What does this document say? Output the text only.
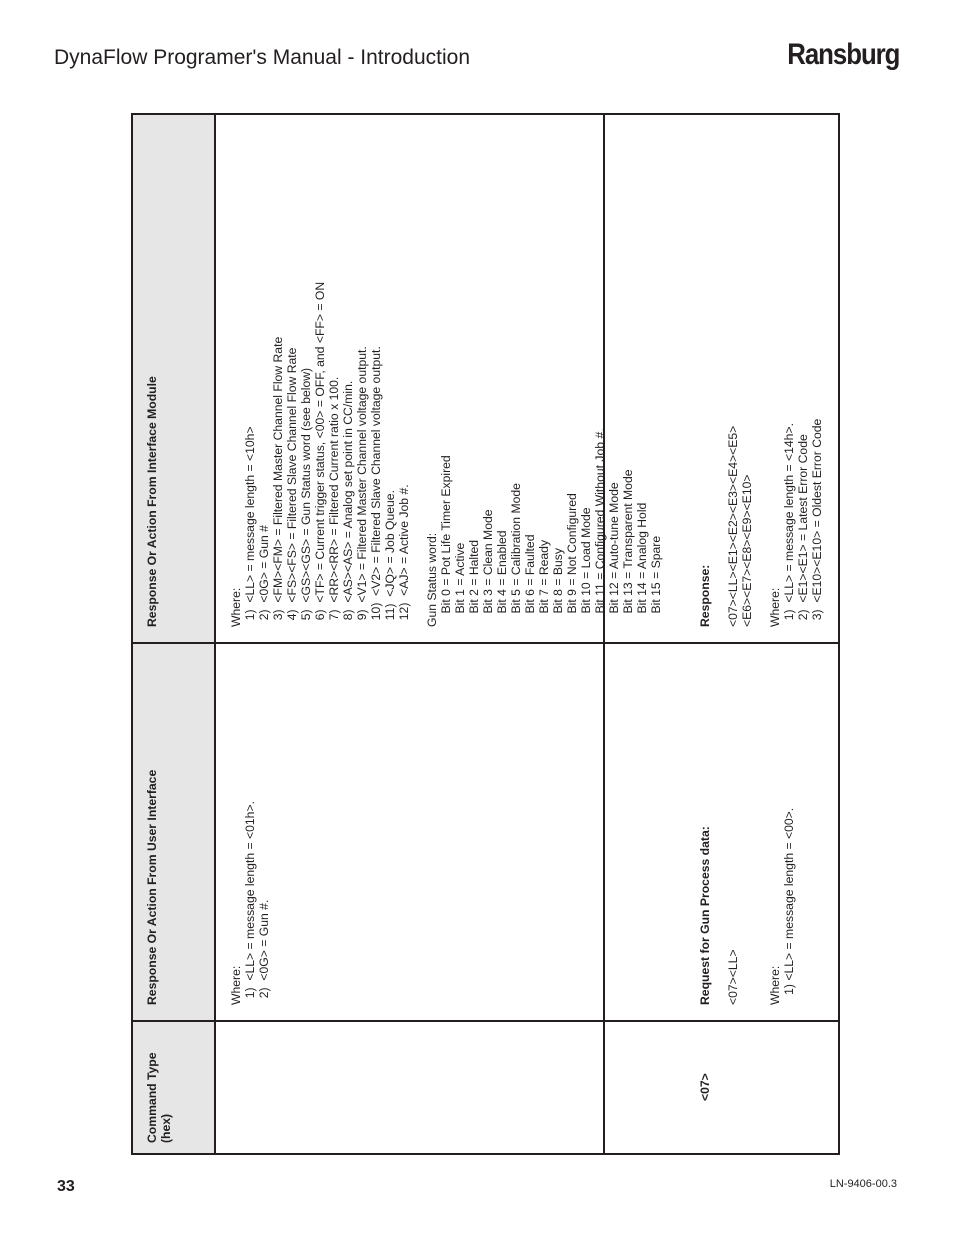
DynaFlow Programer's Manual - Introduction	Ransburg
Command Type (hex)
Response Or Action From User Interface
Response Or Action From Interface Module
Where: 1)  <LL> = message length = <01h>. 2)  <0G> = Gun #.
Where: 1)  <LL> = message length = <10h> 2)  <0G> = Gun # 3)  <FM><FM> = Filtered Master Channel Flow Rate 4)  <FS><FS> = Filtered Slave Channel Flow Rate 5)  <GS><GS> = Gun Status word (see below) 6)  <TF> = Current trigger status, <00> = OFF, and <FF> = ON 7)  <RR><RR> = Filtered Current ratio x 100. 8)  <AS><AS> = Analog set point in CC/min. 9)  <V1> = Filtered Master Channel voltage output. 10)  <V2> = Filtered Slave Channel voltage output. 11)  <JQ> = Job Queue. 12)  <AJ> = Active Job #. Gun Status word: Bit 0 = Pot Life Timer Expired Bit 1 = Active Bit 2 = Halted Bit 3 = Clean Mode Bit 4 = Enabled Bit 5 = Calibration Mode Bit 6 = Faulted Bit 7 = Ready Bit 8 = Busy Bit 9 = Not Configured Bit 10 = Load Mode Bit 11 = Configured Without Job #. Bit 12 = Auto-tune Mode Bit 13 = Transparent Mode Bit 14 = Analog Hold Bit 15 = Spare
<07>
Request for Gun Process data: <07><LL> Where: 1) <LL> = message length = <00>.
Response: <07><LL><E1><E2><E3><E4><E5> <E6><E7><E8><E9><E10> Where: 1)  <LL> = message length = <14h>. 2)  <E1><E1> = Latest Error Code 3)  <E10><E10> = Oldest Error Code
33	LN-9406-00.3
